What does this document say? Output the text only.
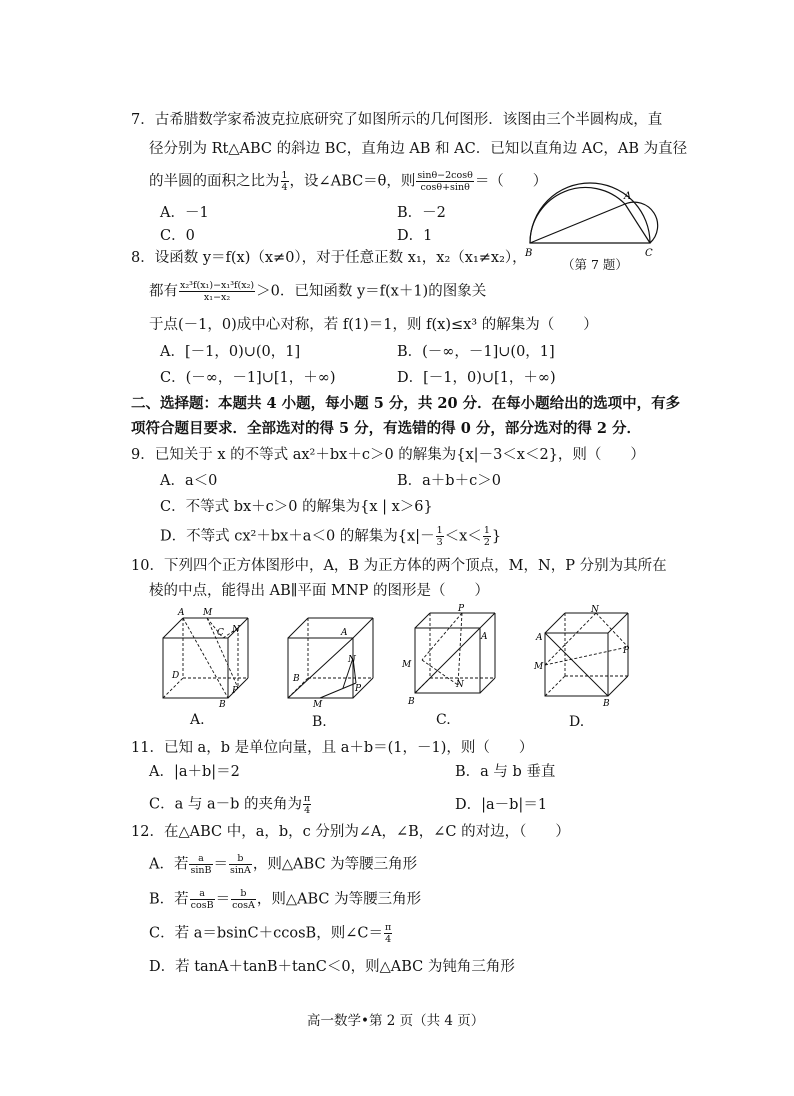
7．古希腊数学家希波克拉底研究了如图所示的几何图形．该图由三个半圆构成，直
径分别为 Rt△ABC 的斜边 BC，直角边 AB 和 AC．已知以直角边 AC，AB 为直径
的半圆的面积之比为 $\frac{1}{4}$ ，设∠ABC＝θ，则 $\frac{\sin\theta-2\cos\theta}{\cos\theta+\sin\theta}$ ＝（　　）
A．－1	B．－2
C．0	D．1
A
B	C
（第 7 题）
8．设函数 y＝f(x)（x≠0），对于任意正数 x₁，x₂（x₁≠x₂），
都有 $\frac{\text{x₂³f(x₁)−x₁³f(x₂)}}{\text{x₁−x₂}} >0$．已知函数 y＝f(x＋1)的图象关
于点(－1，0)成中心对称，若 f(1)＝1，则 f(x)≤x³ 的解集为（　　）
A．[－1，0)∪(0，1]	B．(－∞，－1]∪(0，1]
C．(－∞，－1]∪[1，＋∞)	D．[－1，0)∪[1，＋∞)
二、选择题：本题共 4 小题，每小题 5 分，共 20 分．在每小题给出的选项中，有多
项符合题目要求．全部选对的得 5 分，有选错的得 0 分，部分选对的得 2 分．
9．已知关于 x 的不等式 ax²＋bx＋c＞0 的解集为{x|－3＜x＜2}，则（　　）
A．a＜0	B．a＋b＋c＞0
C．不等式 bx＋c＞0 的解集为{x | x＞6}
D．不等式 cx²＋bx＋a＜0 的解集为{$x|- \frac{1}{3} <x< \frac{1}{2}$ }
10．下列四个正方体图形中，A，B 为正方体的两个顶点，M，N，P 分别为其所在
棱的中点，能得出 AB∥平面 MNP 的图形是（　　）
A M
C N
D
P
B
A.
A
N
B
P
M
B.
P
A
M
N
B
C.
N
A
P
M
B
D.
11．已知 a，b 是单位向量，且 a＋b＝(1，－1)，则（　　）
A．|a＋b|＝2	B．a 与 b 垂直
C．a 与 a－b 的夹角为 $\frac{\pi}{4}$	D．|a－b|＝1
12．在△ABC 中，a，b，c 分别为∠A，∠B，∠C 的对边，（　　）
A．若 $\frac{a}{\sin B} = \frac{b}{\sin A}$ ，则△ABC 为等腰三角形
B．若 $\frac{a}{\cos B} = \frac{b}{\cos A}$ ，则△ABC 为等腰三角形
C．若 a＝bsinC＋ccosB，则∠C＝ $\frac{\pi}{4}$
D．若 tanA＋tanB＋tanC＜0，则△ABC 为钝角三角形
高一数学•第 2 页（共 4 页）
